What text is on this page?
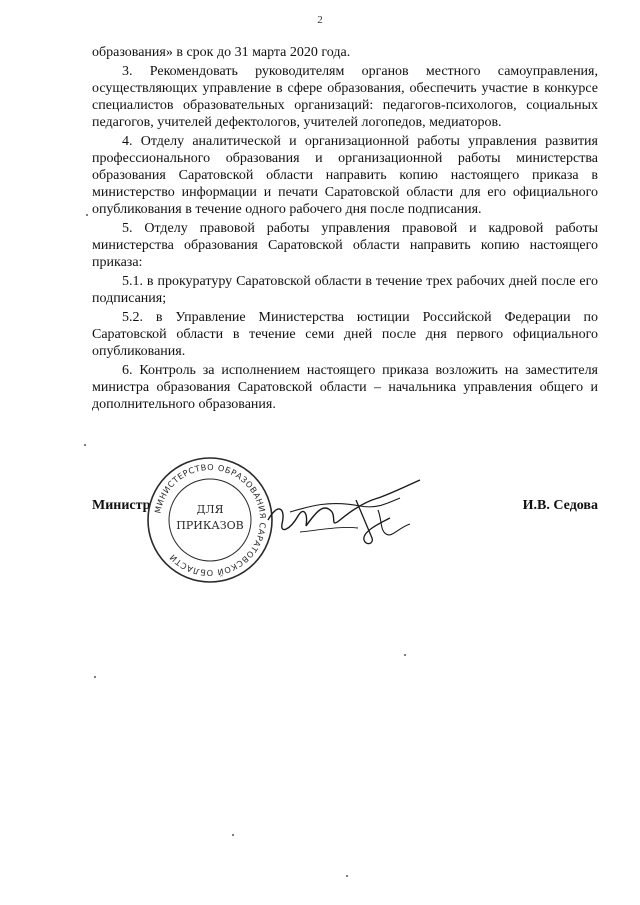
2

образования» в срок до 31 марта 2020 года.

3. Рекомендовать руководителям органов местного самоуправления, осуществляющих управление в сфере образования, обеспечить участие в конкурсе специалистов образовательных организаций: педагогов-психологов, социальных педагогов, учителей дефектологов, учителей логопедов, медиаторов.

4. Отделу аналитической и организационной работы управления развития профессионального образования и организационной работы министерства образования Саратовской области направить копию настоящего приказа в министерство информации и печати Саратовской области для его официального опубликования в течение одного рабочего дня после подписания.

5. Отделу правовой работы управления правовой и кадровой работы министерства образования Саратовской области направить копию настоящего приказа:

5.1. в прокуратуру Саратовской области в течение трех рабочих дней после его подписания;

5.2. в Управление Министерства юстиции Российской Федерации по Саратовской области в течение семи дней после дня первого официального опубликования.

6. Контроль за исполнением настоящего приказа возложить на заместителя министра образования Саратовской области – начальника управления общего и дополнительного образования.

Министр	И.В. Седова
МИНИСТЕРСТВО ОБРАЗОВАНИЯ САРАТОВСКОЙ ОБЛАСТИ
ДЛЯ
ПРИКАЗОВ
